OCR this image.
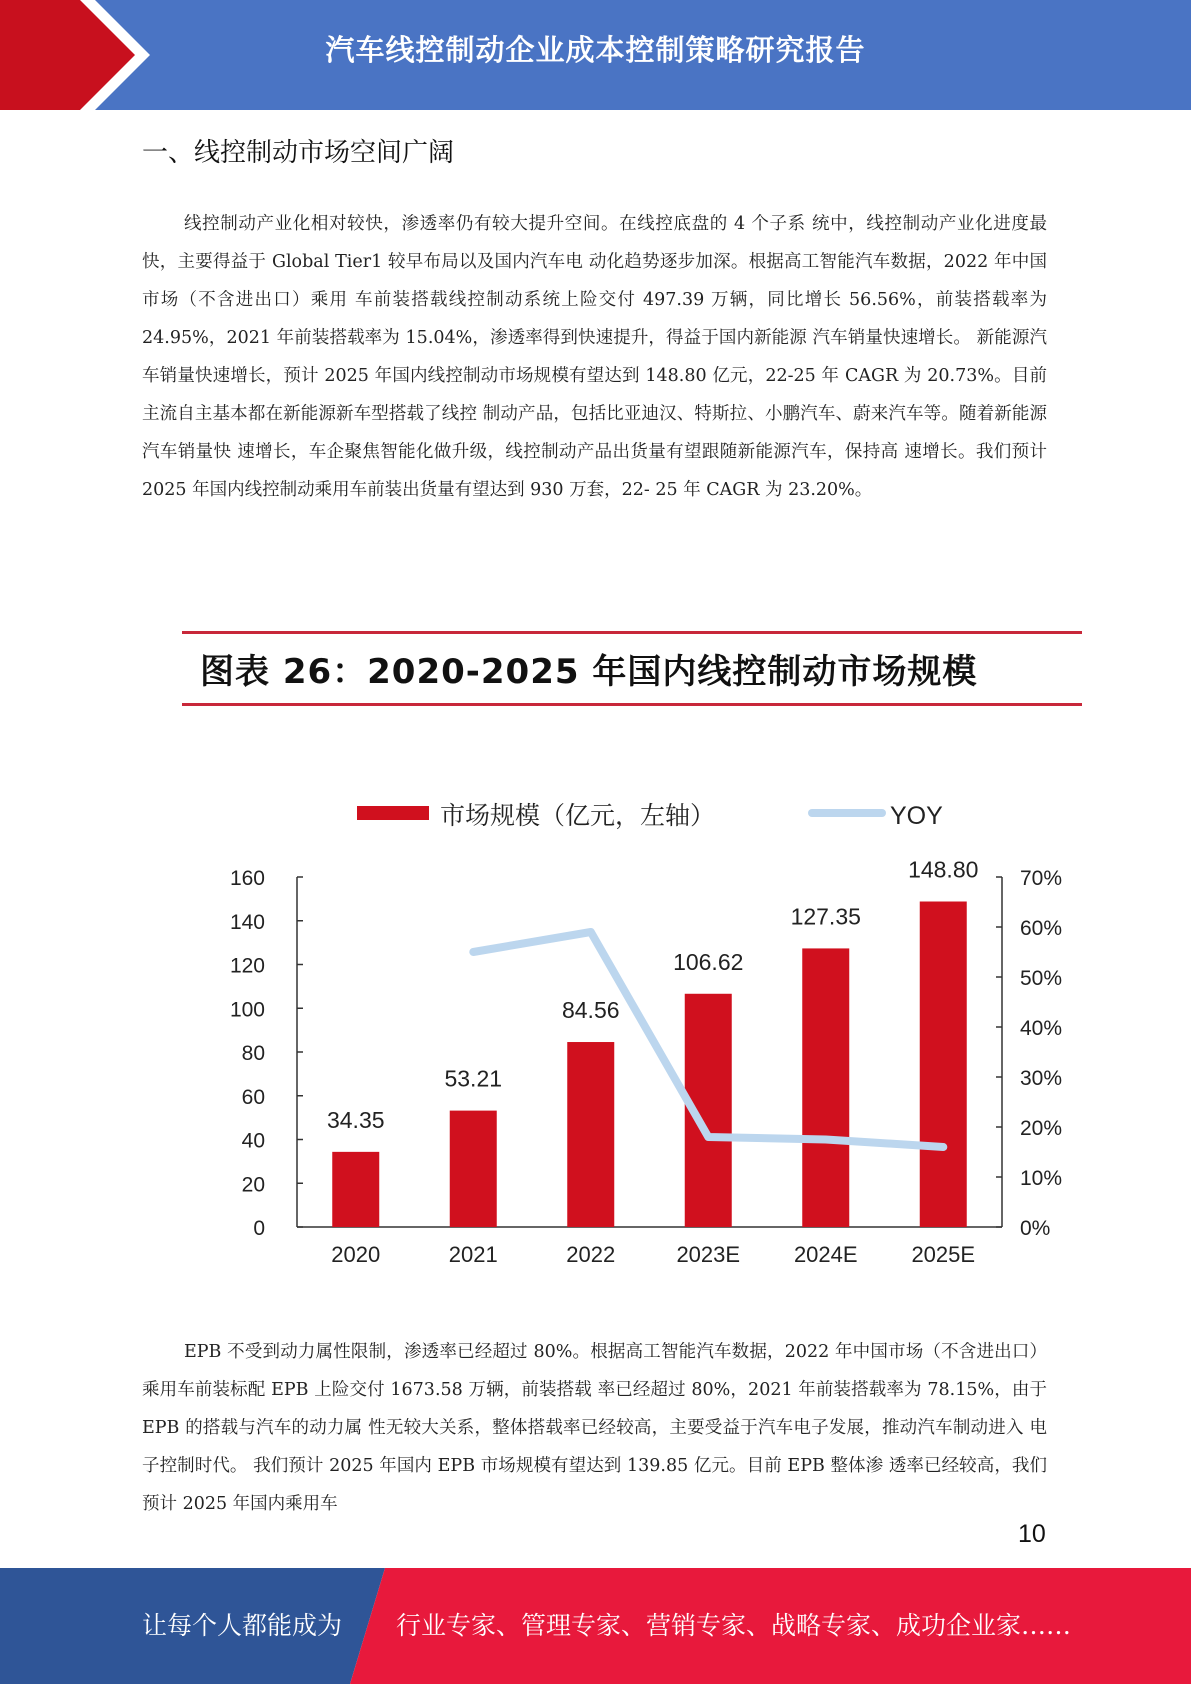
汽车线控制动企业成本控制策略研究报告
一、线控制动市场空间广阔

线控制动产业化相对较快，渗透率仍有较大提升空间。在线控底盘的 4 个子系 统中，线控制动产业化进度最快，主要得益于 Global Tier1 较早布局以及国内汽车电 动化趋势逐步加深。根据高工智能汽车数据，2022 年中国市场（不含进出口）乘用 车前装搭载线控制动系统上险交付 497.39 万辆，同比增长 56.56%，前装搭载率为 24.95%，2021 年前装搭载率为 15.04%，渗透率得到快速提升，得益于国内新能源 汽车销量快速增长。 新能源汽车销量快速增长，预计 2025 年国内线控制动市场规模有望达到 148.80 亿元，22-25 年 CAGR 为 20.73%。目前主流自主基本都在新能源新车型搭载了线控 制动产品，包括比亚迪汉、特斯拉、小鹏汽车、蔚来汽车等。随着新能源汽车销量快 速增长，车企聚焦智能化做升级，线控制动产品出货量有望跟随新能源汽车，保持高 速增长。我们预计 2025 年国内线控制动乘用车前装出货量有望达到 930 万套，22- 25 年 CAGR 为 23.20%。

图表 26：2020-2025 年国内线控制动市场规模
市场规模（亿元，左轴）	YOY
0
20
40
60
80
100
120
140
160
0%
10%
20%
30%
40%
50%
60%
70%
34.35
2020
53.21
2021
84.56
2022
106.62
2023E
127.35
2024E
148.80
2025E

EPB 不受到动力属性限制，渗透率已经超过 80%。根据高工智能汽车数据，2022 年中国市场（不含进出口）乘用车前装标配 EPB 上险交付 1673.58 万辆，前装搭载 率已经超过 80%，2021 年前装搭载率为 78.15%，由于 EPB 的搭载与汽车的动力属 性无较大关系，整体搭载率已经较高，主要受益于汽车电子发展，推动汽车制动进入 电子控制时代。 我们预计 2025 年国内 EPB 市场规模有望达到 139.85 亿元。目前 EPB 整体渗 透率已经较高，我们预计 2025 年国内乘用车

10
让每个人都能成为 行业专家、管理专家、营销专家、战略专家、成功企业家……
